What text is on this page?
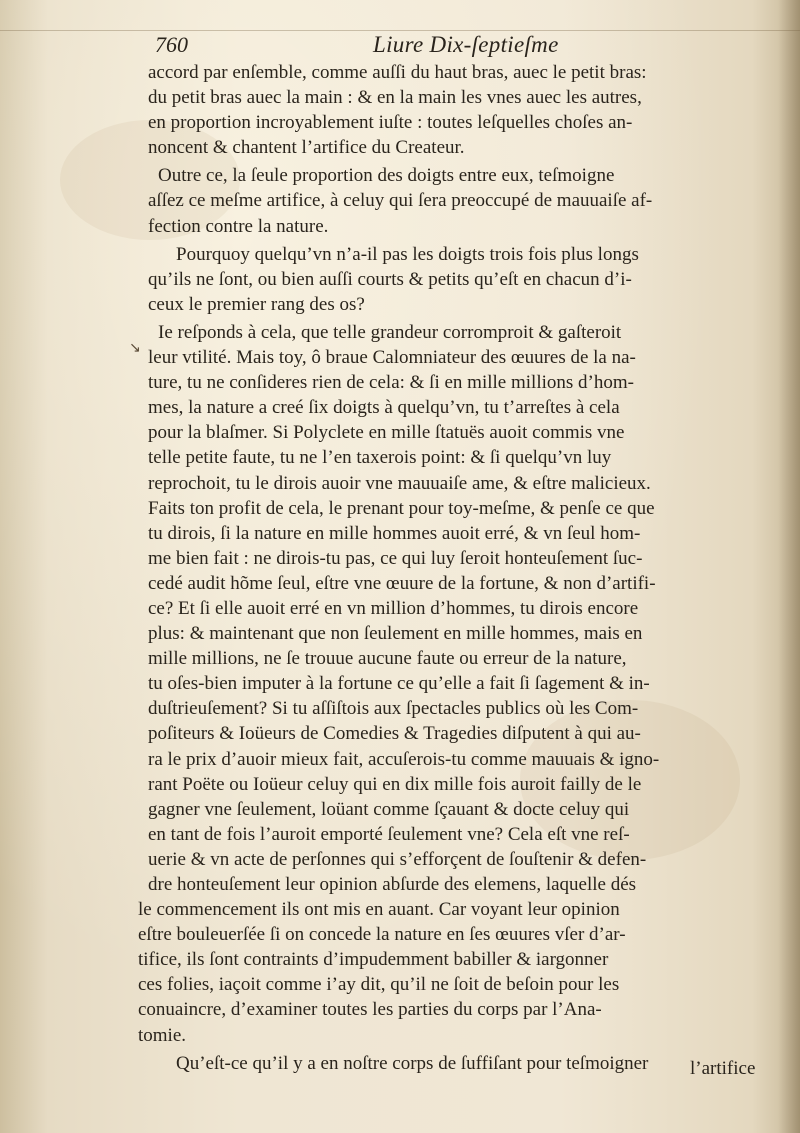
760	Liure Dix-ſeptieſme
↘
accord par enſemble, comme auſſi du haut bras, auec le petit bras:
du petit bras auec la main : & en la main les vnes auec les autres,
en proportion incroyablement iuſte : toutes leſquelles choſes an-
noncent & chantent l’artifice du Createur.
Outre ce, la ſeule proportion des doigts entre eux, teſmoigne
aſſez ce meſme artifice, à celuy qui ſera preoccupé de mauuaiſe af-
fection contre la nature.
Pourquoy quelqu’vn n’a-il pas les doigts trois fois plus longs
qu’ils ne ſont, ou bien auſſi courts & petits qu’eſt en chacun d’i-
ceux le premier rang des os?
Ie reſponds à cela, que telle grandeur corromproit & gaſteroit
leur vtilité. Mais toy, ô braue Calomniateur des œuures de la na-
ture, tu ne conſideres rien de cela: & ſi en mille millions d’hom-
mes, la nature a creé ſix doigts à quelqu’vn, tu t’arreſtes à cela
pour la blaſmer. Si Polyclete en mille ſtatuës auoit commis vne
telle petite faute, tu ne l’en taxerois point: & ſi quelqu’vn luy
reprochoit, tu le dirois auoir vne mauuaiſe ame, & eſtre malicieux.
Faits ton profit de cela, le prenant pour toy-meſme, & penſe ce que
tu dirois, ſi la nature en mille hommes auoit erré, & vn ſeul hom-
me bien fait : ne dirois-tu pas, ce qui luy ſeroit honteuſement ſuc-
cedé audit hõme ſeul, eſtre vne œuure de la fortune, & non d’artifi-
ce? Et ſi elle auoit erré en vn million d’hommes, tu dirois encore
plus: & maintenant que non ſeulement en mille hommes, mais en
mille millions, ne ſe trouue aucune faute ou erreur de la nature,
tu oſes-bien imputer à la fortune ce qu’elle a fait ſi ſagement & in-
duſtrieuſement? Si tu aſſiſtois aux ſpectacles publics où les Com-
poſiteurs & Ioüeurs de Comedies & Tragedies diſputent à qui au-
ra le prix d’auoir mieux fait, accuſerois-tu comme mauuais & igno-
rant Poëte ou Ioüeur celuy qui en dix mille fois auroit failly de le
gagner vne ſeulement, loüant comme ſçauant & docte celuy qui
en tant de fois l’auroit emporté ſeulement vne? Cela eſt vne reſ-
uerie & vn acte de perſonnes qui s’efforçent de ſouſtenir & defen-
dre honteuſement leur opinion abſurde des elemens, laquelle dés
le commencement ils ont mis en auant. Car voyant leur opinion
eſtre bouleuerſée ſi on concede la nature en ſes œuures vſer d’ar-
tifice, ils ſont contraints d’impudemment babiller & iargonner
ces folies, iaçoit comme i’ay dit, qu’il ne ſoit de beſoin pour les
conuaincre, d’examiner toutes les parties du corps par l’Ana-
tomie.
Qu’eſt-ce qu’il y a en noſtre corps de ſuffiſant pour teſmoigner	l’artifice
